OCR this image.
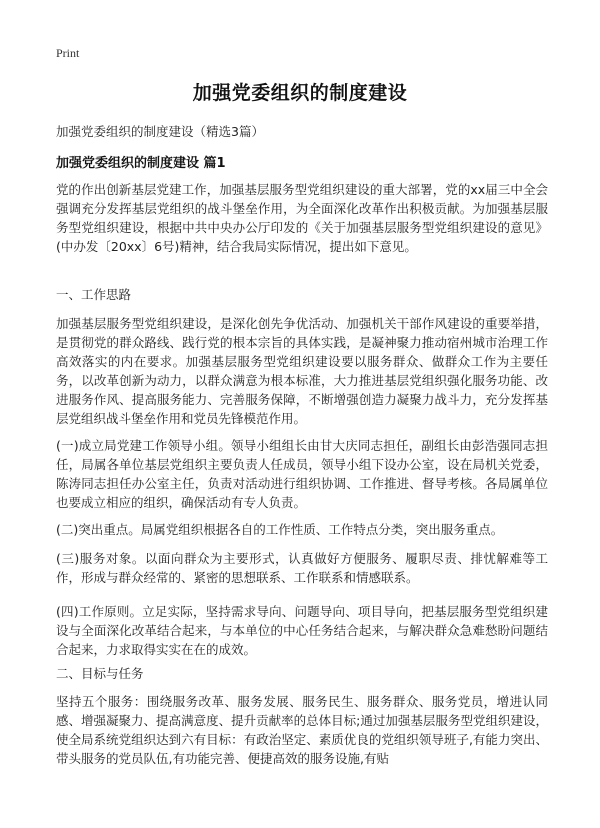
Print
加强党委组织的制度建设
加强党委组织的制度建设（精选3篇）
加强党委组织的制度建设 篇1

党的作出创新基层党建工作，加强基层服务型党组织建设的重大部署，党的xx届三中全会强调充分发挥基层党组织的战斗堡垒作用，为全面深化改革作出积极贡献。为加强基层服务型党组织建设，根据中共中央办公厅印发的《关于加强基层服务型党组织建设的意见》(中办发〔20xx〕6号)精神，结合我局实际情况，提出如下意见。

一、工作思路

加强基层服务型党组织建设，是深化创先争优活动、加强机关干部作风建设的重要举措，是贯彻党的群众路线、践行党的根本宗旨的具体实践，是凝神聚力推动宿州城市治理工作高效落实的内在要求。加强基层服务型党组织建设要以服务群众、做群众工作为主要任务，以改革创新为动力，以群众满意为根本标准，大力推进基层党组织强化服务功能、改进服务作风、提高服务能力、完善服务保障，不断增强创造力凝聚力战斗力，充分发挥基层党组织战斗堡垒作用和党员先锋模范作用。

(一)成立局党建工作领导小组。领导小组组长由甘大庆同志担任，副组长由彭浩强同志担任，局属各单位基层党组织主要负责人任成员，领导小组下设办公室，设在局机关党委，陈涛同志担任办公室主任，负责对活动进行组织协调、工作推进、督导考核。各局属单位也要成立相应的组织，确保活动有专人负责。

(二)突出重点。局属党组织根据各自的工作性质、工作特点分类，突出服务重点。

(三)服务对象。以面向群众为主要形式，认真做好方便服务、履职尽责、排忧解难等工作，形成与群众经常的、紧密的思想联系、工作联系和情感联系。

(四)工作原则。立足实际，坚持需求导向、问题导向、项目导向，把基层服务型党组织建设与全面深化改革结合起来，与本单位的中心任务结合起来，与解决群众急难愁盼问题结合起来，力求取得实实在在的成效。

二、目标与任务

坚持五个服务：围绕服务改革、服务发展、服务民生、服务群众、服务党员，增进认同感、增强凝聚力、提高满意度、提升贡献率的总体目标;通过加强基层服务型党组织建设，使全局系统党组织达到六有目标：有政治坚定、素质优良的党组织领导班子,有能力突出、带头服务的党员队伍,有功能完善、便捷高效的服务设施,有贴
